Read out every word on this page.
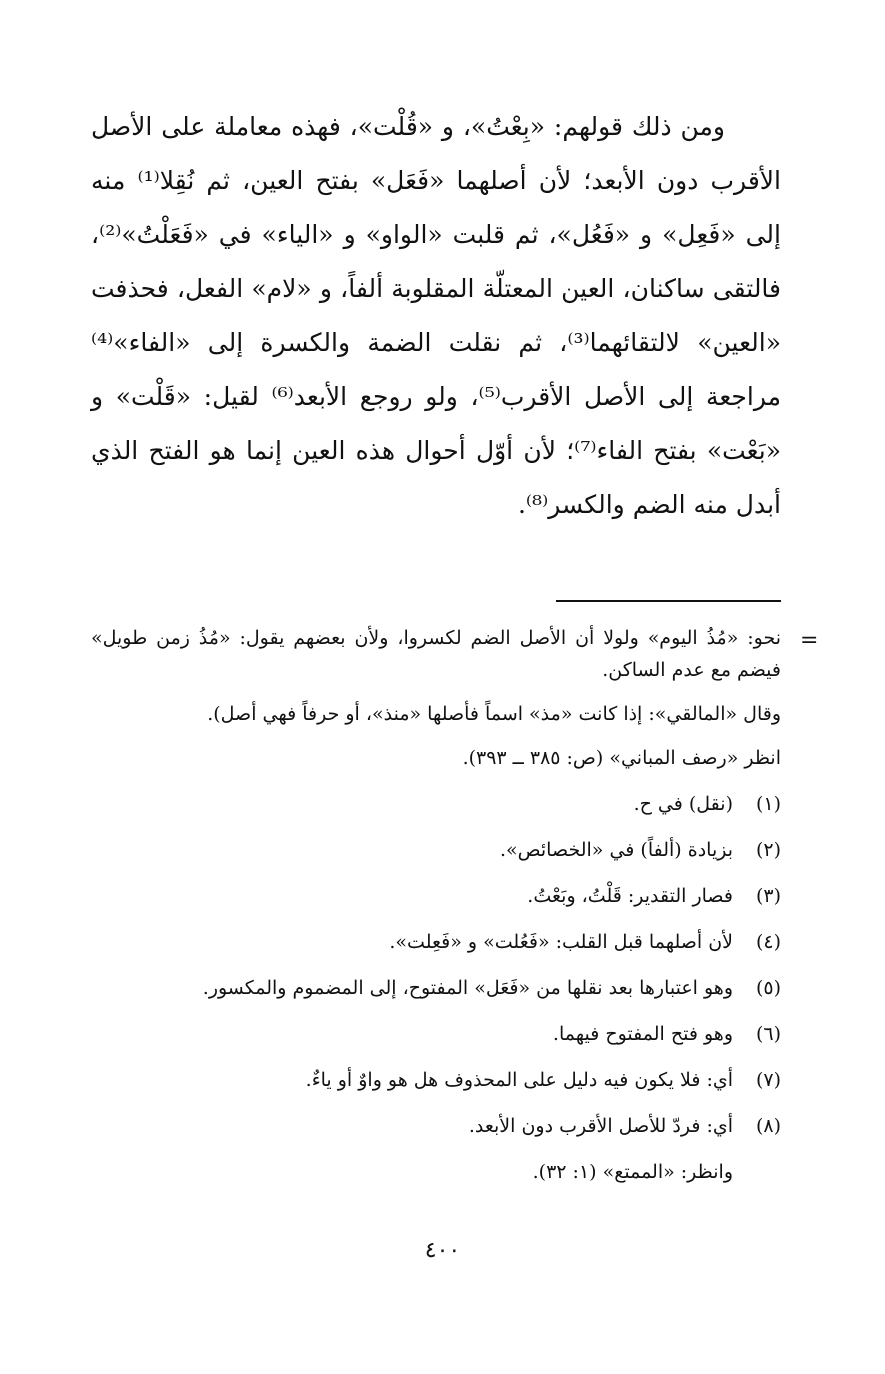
ومن ذلك قولهم: «بِعْتُ»، و «قُلْت»، فهذه معاملة على الأصل الأقرب دون الأبعد؛ لأن أصلهما «فَعَل» بفتح العين، ثم نُقِلا⁽¹⁾ منه إلى «فَعِل» و «فَعُل»، ثم قلبت «الواو» و «الياء» في «فَعَلْتُ»⁽²⁾، فالتقى ساكنان، العين المعتلّة المقلوبة ألفاً، و «لام» الفعل، فحذفت «العين» لالتقائهما⁽³⁾، ثم نقلت الضمة والكسرة إلى «الفاء»⁽⁴⁾ مراجعة إلى الأصل الأقرب⁽⁵⁾، ولو روجع الأبعد⁽⁶⁾ لقيل: «قَلْت» و «بَعْت» بفتح الفاء⁽⁷⁾؛ لأن أوّل أحوال هذه العين إنما هو الفتح الذي أبدل منه الضم والكسر⁽⁸⁾.

=

نحو: «مُذُ اليوم» ولولا أن الأصل الضم لكسروا، ولأن بعضهم يقول: «مُذُ زمن طويل» فيضم مع عدم الساكن.

وقال «المالقي»: إذا كانت «مذ» اسماً فأصلها «منذ»، أو حرفاً فهي أصل).

انظر «رصف المباني» (ص: ٣٨٥ ــ ٣٩٣).

(١)
(نقل) في ح.
(٢)
بزيادة (ألفاً) في «الخصائص».
(٣)
فصار التقدير: قَلْتُ، وبَعْتُ.
(٤)
لأن أصلهما قبل القلب: «فَعُلت» و «فَعِلت».
(٥)
وهو اعتبارها بعد نقلها من «فَعَل» المفتوح، إلى المضموم والمكسور.
(٦)
وهو فتح المفتوح فيهما.
(٧)
أي: فلا يكون فيه دليل على المحذوف هل هو واوٌ أو ياءٌ.
(٨)
أي: فردّ للأصل الأقرب دون الأبعد.
وانظر: «الممتع» (١: ٣٢).
٤٠٠
